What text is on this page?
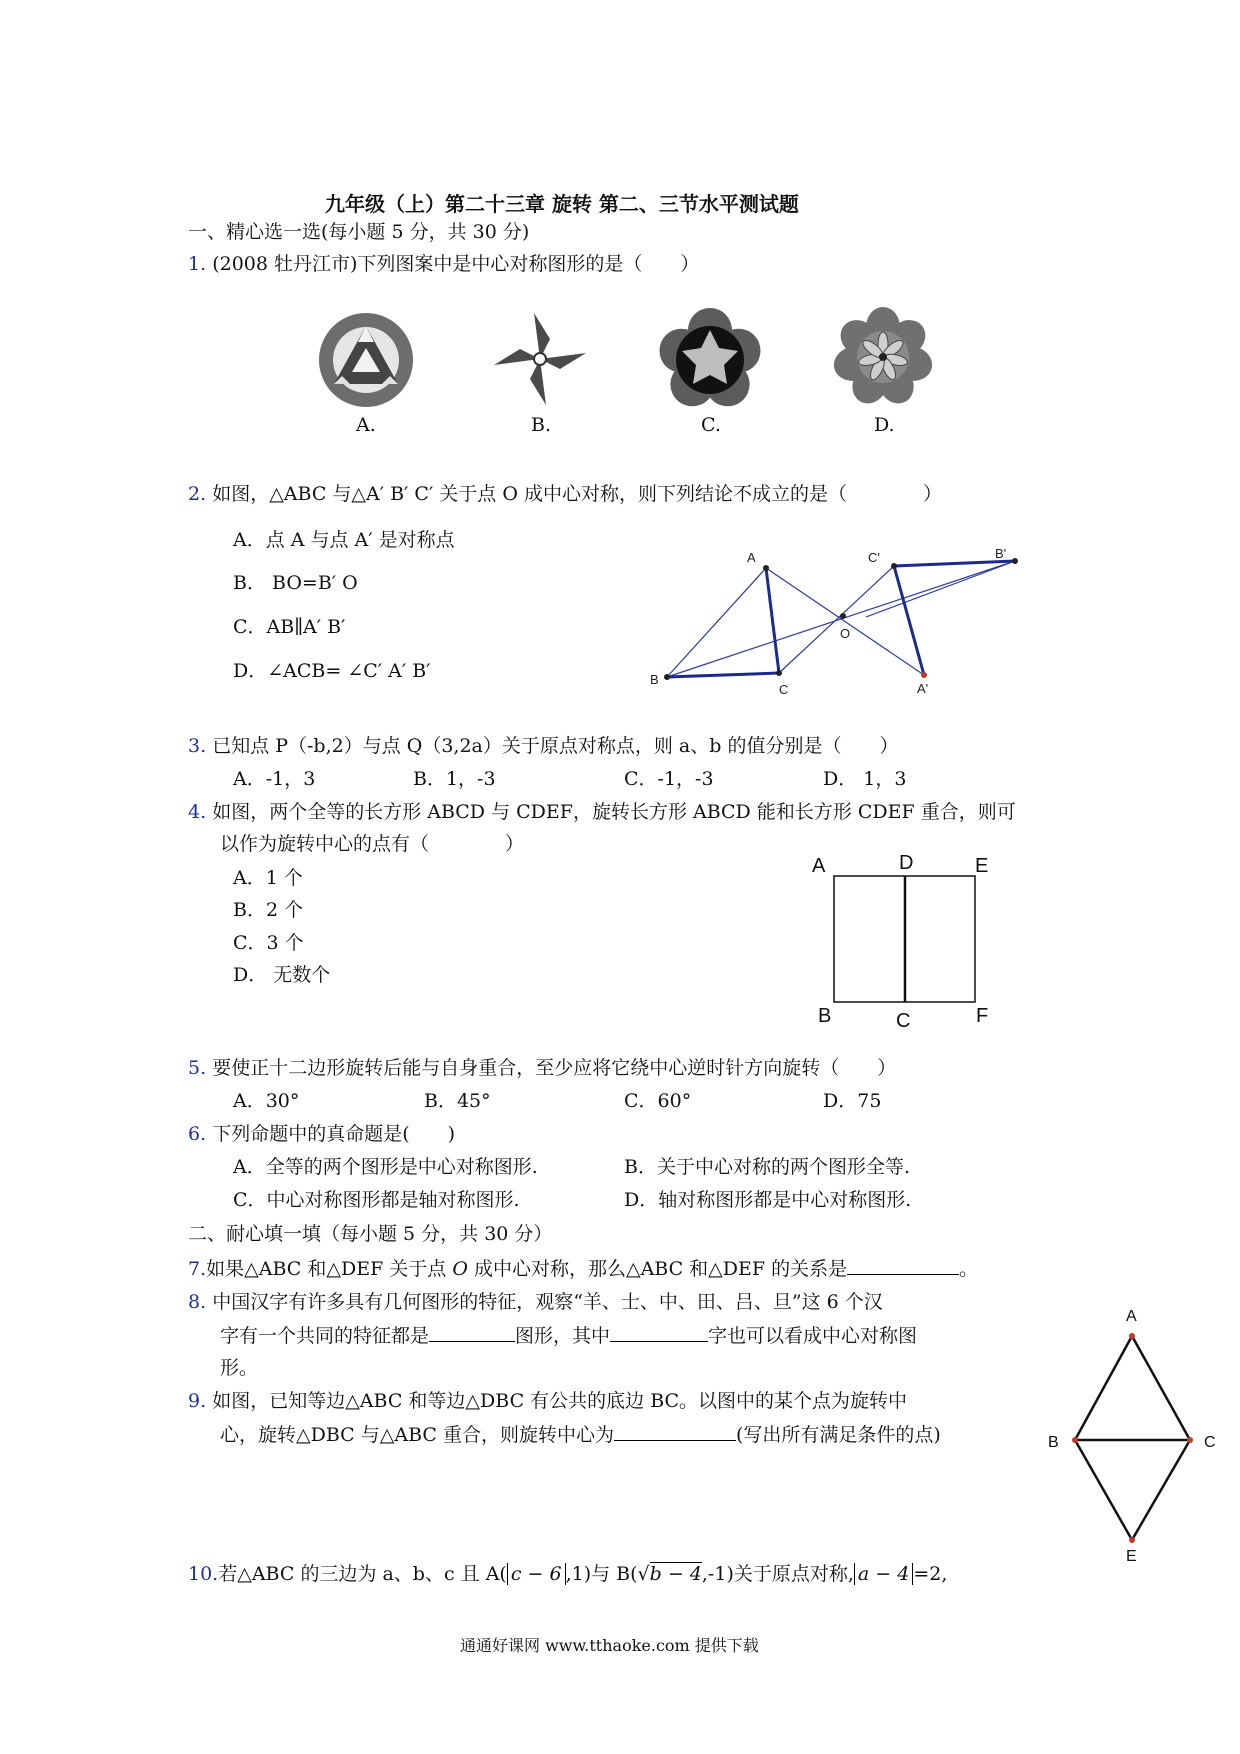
九年级（上）第二十三章 旋转 第二、三节水平测试题
一、精心选一选(每小题 5 分，共 30 分)
1. (2008 牡丹江市)下列图案中是中心对称图形的是（　　）
A.	B.	C.	D.
2. 如图，△ABC 与△A′ B′ C′ 关于点 O 成中心对称，则下列结论不成立的是（　　　　）
A．点 A 与点 A′ 是对称点
B． BO=B′ O
C．AB∥A′ B′
D．∠ACB= ∠C′ A′ B′
A	C'	B'
O
B
C	A'
3. 已知点 P（-b,2）与点 Q（3,2a）关于原点对称点，则 a、b 的值分别是（　　）
A．-1，3	B．1，-3	C．-1，-3	D． 1，3
4. 如图，两个全等的长方形 ABCD 与 CDEF，旋转长方形 ABCD 能和长方形 CDEF 重合，则可
以作为旋转中心的点有（　　　　）
A．1 个
B．2 个
C．3 个
D． 无数个
A	D	E
B	C	F
5. 要使正十二边形旋转后能与自身重合，至少应将它绕中心逆时针方向旋转（　　）
A．30°	B．45°	C．60°	D．75
6. 下列命题中的真命题是(　　)
A．全等的两个图形是中心对称图形.	B．关于中心对称的两个图形全等.
C．中心对称图形都是轴对称图形.	D．轴对称图形都是中心对称图形.
二、耐心填一填（每小题 5 分，共 30 分）
7.如果△ABC 和△DEF 关于点 O 成中心对称，那么△ABC 和△DEF 的关系是	。
8. 中国汉字有许多具有几何图形的特征，观察“羊、士、中、田、吕、旦”这 6 个汉
字有一个共同的特征都是	图形，其中	字也可以看成中心对称图
形。
9. 如图，已知等边△ABC 和等边△DBC 有公共的底边 BC。以图中的某个点为旋转中
心，旋转△DBC 与△ABC 重合，则旋转中心为	(写出所有满足条件的点)
A
B	C
E
10.若△ABC 的三边为 a、b、c 且 A( c − 6 ,1)与 B(√b − 4,-1)关于原点对称, a − 4 =2,
通通好课网 www.tthaoke.com 提供下载
